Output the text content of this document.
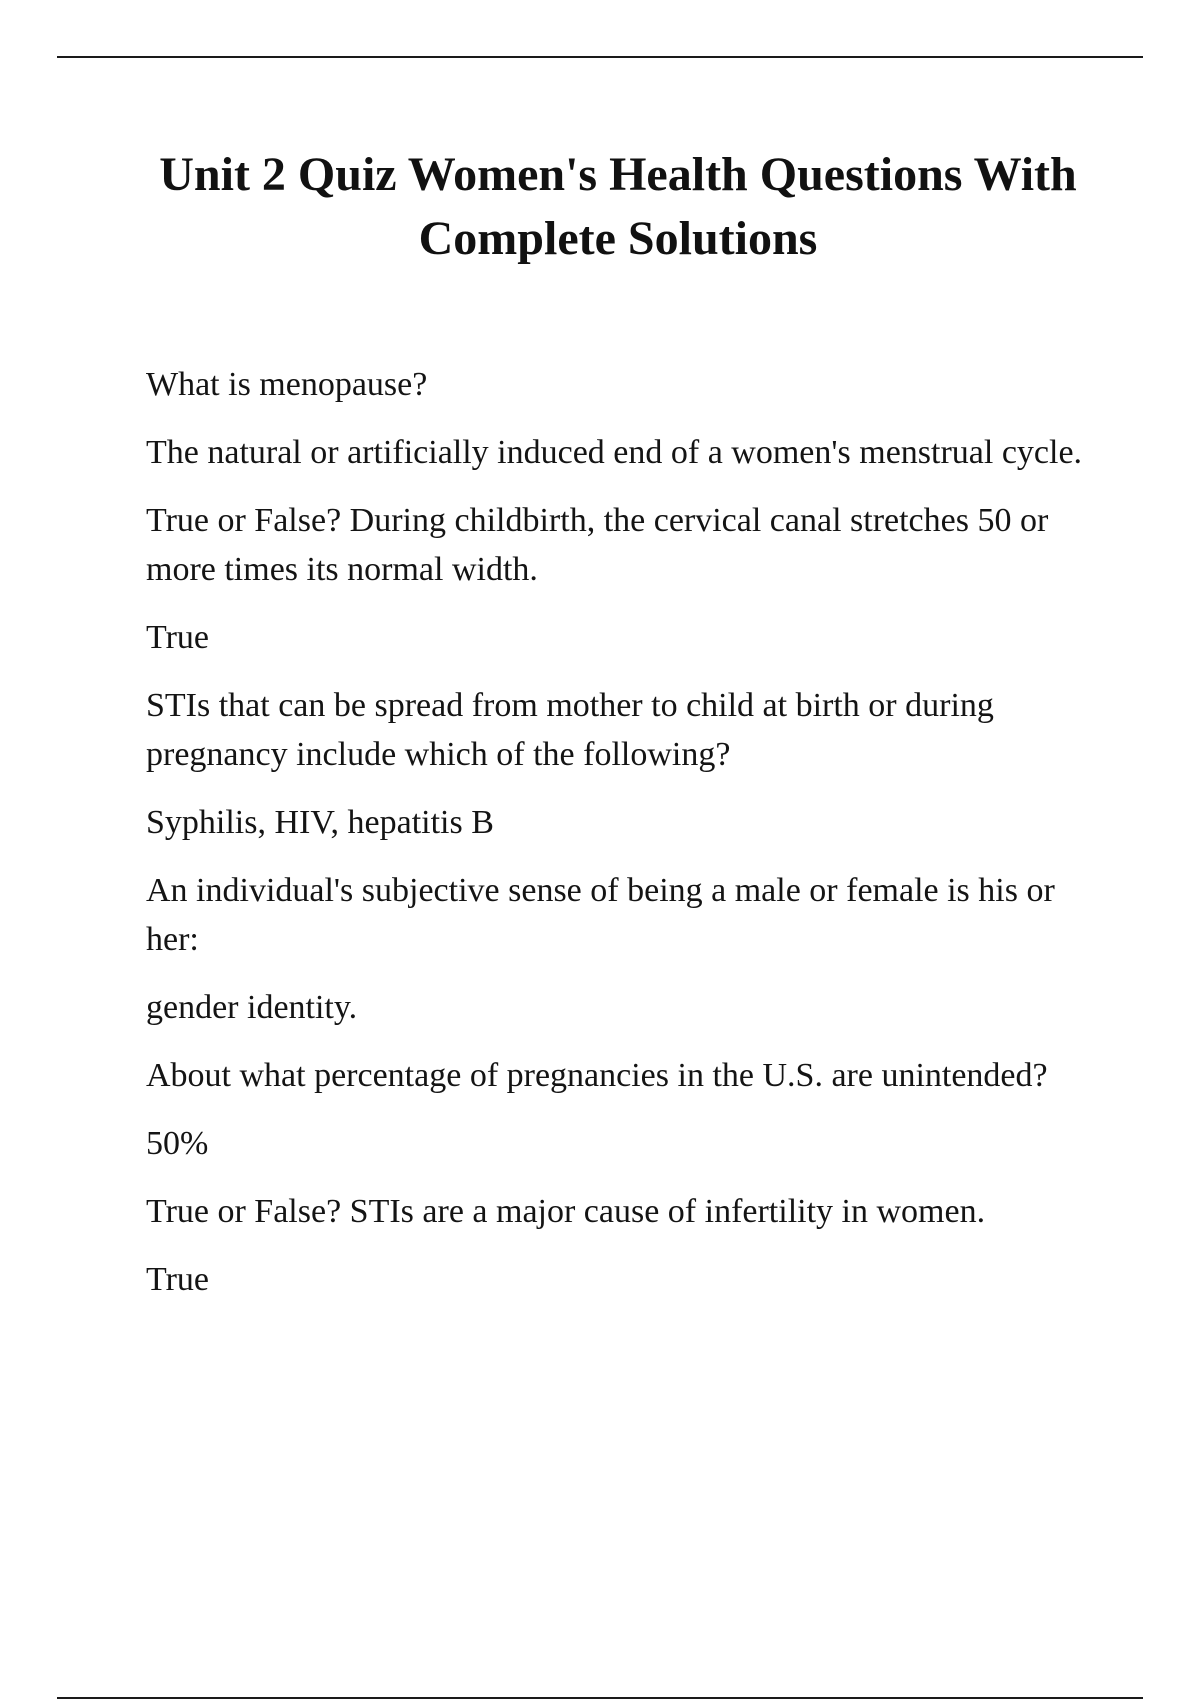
Unit 2 Quiz Women's Health Questions With Complete Solutions

What is menopause?

The natural or artificially induced end of a women's menstrual cycle.

True or False? During childbirth, the cervical canal stretches 50 or more times its normal width.

True

STIs that can be spread from mother to child at birth or during pregnancy include which of the following?

Syphilis, HIV, hepatitis B

An individual's subjective sense of being a male or female is his or her:

gender identity.

About what percentage of pregnancies in the U.S. are unintended?

50%

True or False? STIs are a major cause of infertility in women.

True
